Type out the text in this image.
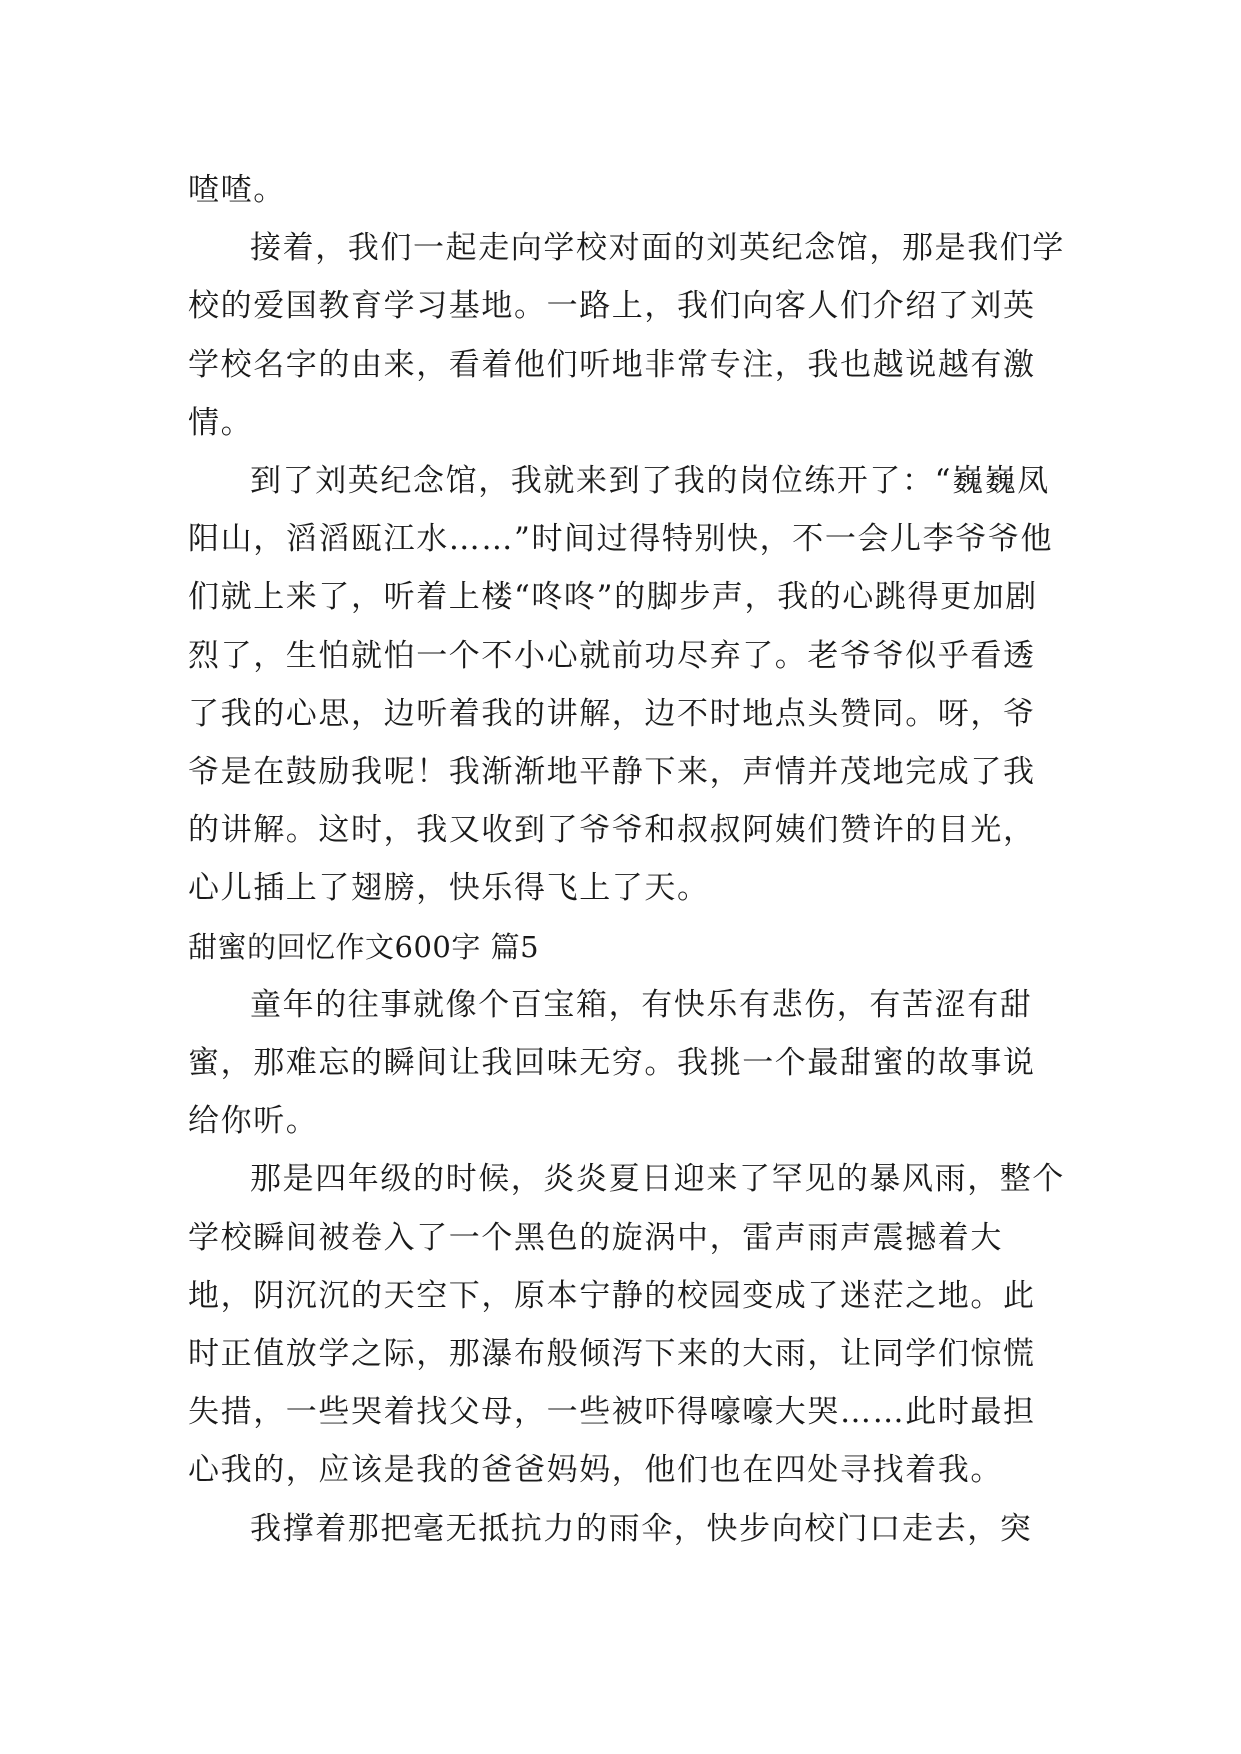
喳喳。

接着，我们一起走向学校对面的刘英纪念馆，那是我们学校的爱国教育学习基地。一路上，我们向客人们介绍了刘英学校名字的由来，看着他们听地非常专注，我也越说越有激情。

到了刘英纪念馆，我就来到了我的岗位练开了：“巍巍凤阳山，滔滔瓯江水……”时间过得特别快，不一会儿李爷爷他们就上来了，听着上楼“咚咚”的脚步声，我的心跳得更加剧烈了，生怕就怕一个不小心就前功尽弃了。老爷爷似乎看透了我的心思，边听着我的讲解，边不时地点头赞同。呀，爷爷是在鼓励我呢！我渐渐地平静下来，声情并茂地完成了我的讲解。这时，我又收到了爷爷和叔叔阿姨们赞许的目光，心儿插上了翅膀，快乐得飞上了天。

甜蜜的回忆作文600字 篇5

童年的往事就像个百宝箱，有快乐有悲伤，有苦涩有甜蜜，那难忘的瞬间让我回味无穷。我挑一个最甜蜜的故事说给你听。

那是四年级的时候，炎炎夏日迎来了罕见的暴风雨，整个学校瞬间被卷入了一个黑色的旋涡中，雷声雨声震撼着大地，阴沉沉的天空下，原本宁静的校园变成了迷茫之地。此时正值放学之际，那瀑布般倾泻下来的大雨，让同学们惊慌失措，一些哭着找父母，一些被吓得嚎嚎大哭……此时最担心我的，应该是我的爸爸妈妈，他们也在四处寻找着我。

我撑着那把毫无抵抗力的雨伞，快步向校门口走去，突
